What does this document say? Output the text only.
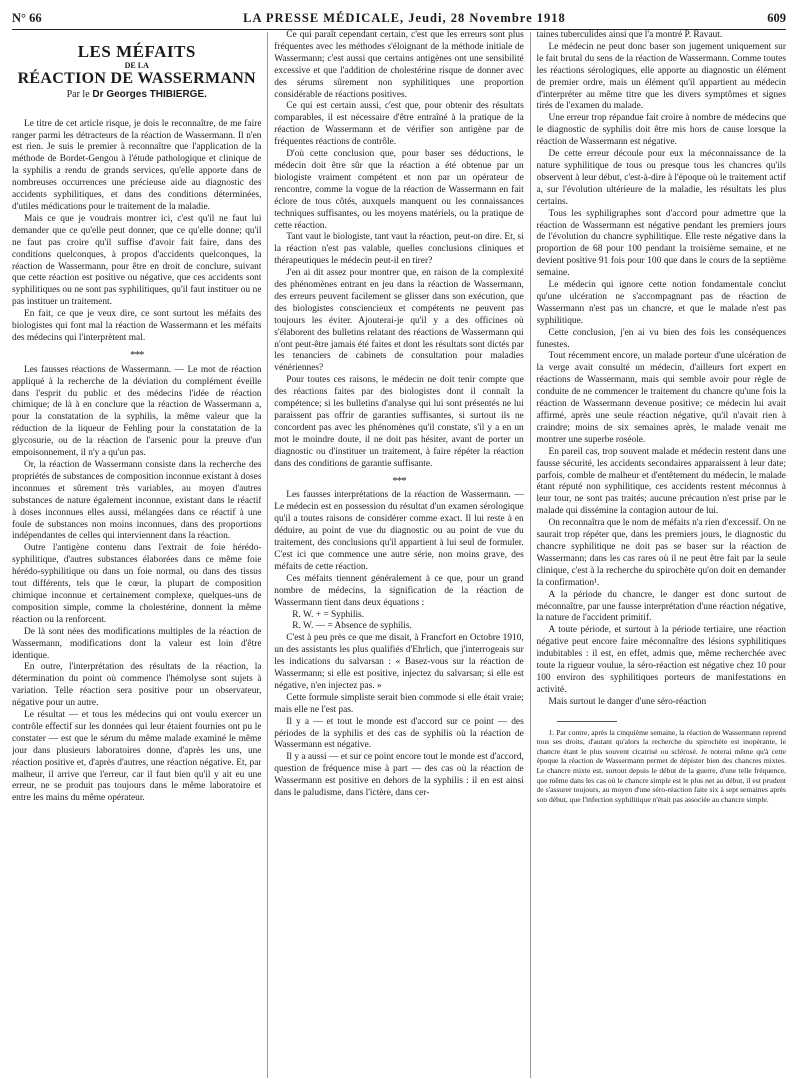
N° 66	LA PRESSE MÉDICALE, Jeudi, 28 Novembre 1918	609
LES MÉFAITS
DE LA
RÉACTION DE WASSERMANN
Par le Dr Georges THIBIERGE.

Le titre de cet article risque, je dois le reconnaître, de me faire ranger parmi les détracteurs de la réaction de Wassermann. Il n'en est rien. Je suis le premier à reconnaître que l'application de la méthode de Bordet-Gengou à l'étude pathologique et clinique de la syphilis a rendu de grands services, qu'elle apporte dans de nombreuses occurrences une précieuse aide au diagnostic des accidents syphilitiques, et dans des conditions déterminées, d'utiles médications pour le traitement de la maladie.

Mais ce que je voudrais montrer ici, c'est qu'il ne faut lui demander que ce qu'elle peut donner, que ce qu'elle donne; qu'il ne faut pas croire qu'il suffise d'avoir fait faire, dans des conditions quelconques, à propos d'accidents quelconques, la réaction de Wassermann, pour être en droit de conclure, suivant que cette réaction est positive ou négative, que ces accidents sont syphilitiques ou ne sont pas syphilitiques, qu'il faut instituer ou ne pas instituer un traitement.

En fait, ce que je veux dire, ce sont surtout les méfaits des biologistes qui font mal la réaction de Wassermann et les méfaits des médecins qui l'interprètent mal.

***

Les fausses réactions de Wassermann. — Le mot de réaction appliqué à la recherche de la déviation du complément éveille dans l'esprit du public et des médecins l'idée de réaction chimique; de là à en conclure que la réaction de Wassermann a, pour la constatation de la syphilis, la même valeur que la réduction de la liqueur de Fehling pour la constatation de la glycosurie, ou de la réaction de l'arsenic pour la preuve d'un empoisonnement, il n'y a qu'un pas.

Or, la réaction de Wassermann consiste dans la recherche des propriétés de substances de composition inconnue existant à doses inconnues et sûrement très variables, au moyen d'autres substances de nature également inconnue, existant dans le réactif à doses inconnues elles aussi, mélangées dans ce réactif à une foule de substances non moins inconnues, dans des proportions indépendantes de celles qui interviennent dans la réaction.

Outre l'antigène contenu dans l'extrait de foie hérédo-syphilitique, d'autres substances élaborées dans ce même foie hérédo-syphilitique ou dans un foie normal, ou dans des tissus tout différents, tels que le cœur, la plupart de composition chimique inconnue et certainement complexe, quelques-uns de composition simple, comme la cholestérine, donnent la même réaction ou la renforcent.

De là sont nées des modifications multiples de la réaction de Wassermann, modifications dont la valeur est loin d'être identique.

En outre, l'interprétation des résultats de la réaction, la détermination du point où commence l'hémolyse sont sujets à variation. Telle réaction sera positive pour un observateur, négative pour un autre.

Le résultat — et tous les médecins qui ont voulu exercer un contrôle effectif sur les données qui leur étaient fournies ont pu le constater — est que le sérum du même malade examiné le même jour dans plusieurs laboratoires donne, d'après les uns, une réaction positive et, d'après d'autres, une réaction négative. Et, par malheur, il arrive que l'erreur, car il faut bien qu'il y ait eu une erreur, ne se produit pas toujours dans le même laboratoire et entre les mains du même opérateur.

Ce qui paraît cependant certain, c'est que les erreurs sont plus fréquentes avec les méthodes s'éloignant de la méthode initiale de Wassermann; c'est aussi que certains antigènes ont une sensibilité excessive et que l'addition de cholestérine risque de donner avec des sérums sûrement non syphilitiques une proportion considérable de réactions positives.

Ce qui est certain aussi, c'est que, pour obtenir des résultats comparables, il est nécessaire d'être entraîné à la pratique de la réaction de Wassermann et de vérifier son antigène par de fréquentes réactions de contrôle.

D'où cette conclusion que, pour baser ses déductions, le médecin doit être sûr que la réaction a été obtenue par un biologiste vraiment compétent et non par un opérateur de rencontre, comme la vogue de la réaction de Wassermann en fait éclore de tous côtés, auxquels manquent ou les connaissances techniques suffisantes, ou les moyens matériels, ou la pratique de cette réaction.

Tant vaut le biologiste, tant vaut la réaction, peut-on dire. Et, si la réaction n'est pas valable, quelles conclusions cliniques et thérapeutiques le médecin peut-il en tirer?

J'en ai dit assez pour montrer que, en raison de la complexité des phénomènes entrant en jeu dans la réaction de Wassermann, des erreurs peuvent facilement se glisser dans son exécution, que des biologistes consciencieux et compétents ne peuvent pas toujours les éviter. Ajouterai-je qu'il y a des officines où s'élaborent des bulletins relatant des réactions de Wassermann qui n'ont peut-être jamais été faites et dont les résultats sont dictés par les tenanciers de cabinets de consultation pour maladies vénériennes?

Pour toutes ces raisons, le médecin ne doit tenir compte que des réactions faites par des biologistes dont il connaît la compétence; si les bulletins d'analyse qui lui sont présentés ne lui paraissent pas offrir de garanties suffisantes, si surtout ils ne concordent pas avec les phénomènes qu'il constate, s'il y a en un mot le moindre doute, il ne doit pas hésiter, avant de porter un diagnostic ou d'instituer un traitement, à faire répéter la réaction dans des conditions de garantie suffisante.

***

Les fausses interprétations de la réaction de Wassermann. — Le médecin est en possession du résultat d'un examen sérologique qu'il a toutes raisons de considérer comme exact. Il lui reste à en déduire, au point de vue du diagnostic ou au point de vue du traitement, des conclusions qu'il appartient à lui seul de formuler. C'est ici que commence une autre série, non moins grave, des méfaits de cette réaction.

Ces méfaits tiennent généralement à ce que, pour un grand nombre de médecins, la signification de la réaction de Wassermann tient dans deux équations :

R. W. + = Syphilis.

R. W. — = Absence de syphilis.

C'est à peu près ce que me disait, à Francfort en Octobre 1910, un des assistants les plus qualifiés d'Ehrlich, que j'interrogeais sur les indications du salvarsan : « Basez-vous sur la réaction de Wassermann; si elle est positive, injectez du salvarsan; si elle est négative, n'en injectez pas. »

Cette formule simpliste serait bien commode si elle était vraie; mais elle ne l'est pas.

Il y a — et tout le monde est d'accord sur ce point — des périodes de la syphilis et des cas de syphilis où la réaction de Wassermann est négative.

Il y a aussi — et sur ce point encore tout le monde est d'accord, question de fréquence mise à part — des cas où la réaction de Wassermann est positive en dehors de la syphilis : il en est ainsi dans le paludisme, dans l'ictère, dans cer-

taines tuberculides ainsi que l'a montré P. Ravaut.

Le médecin ne peut donc baser son jugement uniquement sur le fait brutal du sens de la réaction de Wassermann. Comme toutes les réactions sérologiques, elle apporte au diagnostic un élément de premier ordre, mais un élément qu'il appartient au médecin d'interpréter au même titre que les divers symptômes et signes tirés de l'examen du malade.

Une erreur trop répandue fait croire à nombre de médecins que le diagnostic de syphilis doit être mis hors de cause lorsque la réaction de Wassermann est négative.

De cette erreur découle pour eux la méconnaissance de la nature syphilitique de tous ou presque tous les chancres qu'ils observent à leur début, c'est-à-dire à l'époque où le traitement actif a, sur l'évolution ultérieure de la maladie, les résultats les plus certains.

Tous les syphiligraphes sont d'accord pour admettre que la réaction de Wassermann est négative pendant les premiers jours de l'évolution du chancre syphilitique. Elle reste négative dans la proportion de 68 pour 100 pendant la troisième semaine, et ne devient positive 91 fois pour 100 que dans le cours de la septième semaine.

Le médecin qui ignore cette notion fondamentale conclut qu'une ulcération ne s'accompagnant pas de réaction de Wassermann n'est pas un chancre, et que le malade n'est pas syphilitique.

Cette conclusion, j'en ai vu bien des fois les conséquences funestes.

Tout récemment encore, un malade porteur d'une ulcération de la verge avait consulté un médecin, d'ailleurs fort expert en réactions de Wassermann, mais qui semble avoir pour règle de conduite de ne commencer le traitement du chancre qu'une fois la réaction de Wassermann devenue positive; ce médecin lui avait affirmé, après une seule réaction négative, qu'il n'avait rien à craindre; moins de six semaines après, le malade venait me montrer une superbe roséole.

En pareil cas, trop souvent malade et médecin restent dans une fausse sécurité, les accidents secondaires apparaissent à leur date; parfois, comble de malheur et d'entêtement du médecin, le malade étant réputé non syphilitique, ces accidents restent méconnus à leur tour, ne sont pas traités; aucune précaution n'est prise par le malade qui dissémine la contagion autour de lui.

On reconnaîtra que le nom de méfaits n'a rien d'excessif. On ne saurait trop répéter que, dans les premiers jours, le diagnostic du chancre syphilitique ne doit pas se baser sur la réaction de Wassermann; dans les cas rares où il ne peut être fait par la seule clinique, c'est à la recherche du spirochète qu'on doit en demander la confirmation¹.

A la période du chancre, le danger est donc surtout de méconnaître, par une fausse interprétation d'une réaction négative, la nature de l'accident primitif.

A toute période, et surtout à la période tertiaire, une réaction négative peut encore faire méconnaître des lésions syphilitiques indubitables : il est, en effet, admis que, même recherchée avec toute la rigueur voulue, la séro-réaction est négative chez 10 pour 100 environ des syphilitiques porteurs de manifestations en activité.

Mais surtout le danger d'une séro-réaction

1. Par contre, après la cinquième semaine, la réaction de Wassermann reprend tous ses droits, d'autant qu'alors la recherche du spirochète est inopérante, le chancre étant le plus souvent cicatrisé ou sclérosé. Je noterai même qu'à cette époque la réaction de Wassermann permet de dépister bien des chancres mixtes. Le chancre mixte est, surtout depuis le début de la guerre, d'une telle fréquence, que même dans les cas où le chancre simple est le plus net au début, il est prudent de s'assurer toujours, au moyen d'une séro-réaction faite six à sept semaines après son début, que l'infection syphilitique n'était pas associée au chancre simple.
